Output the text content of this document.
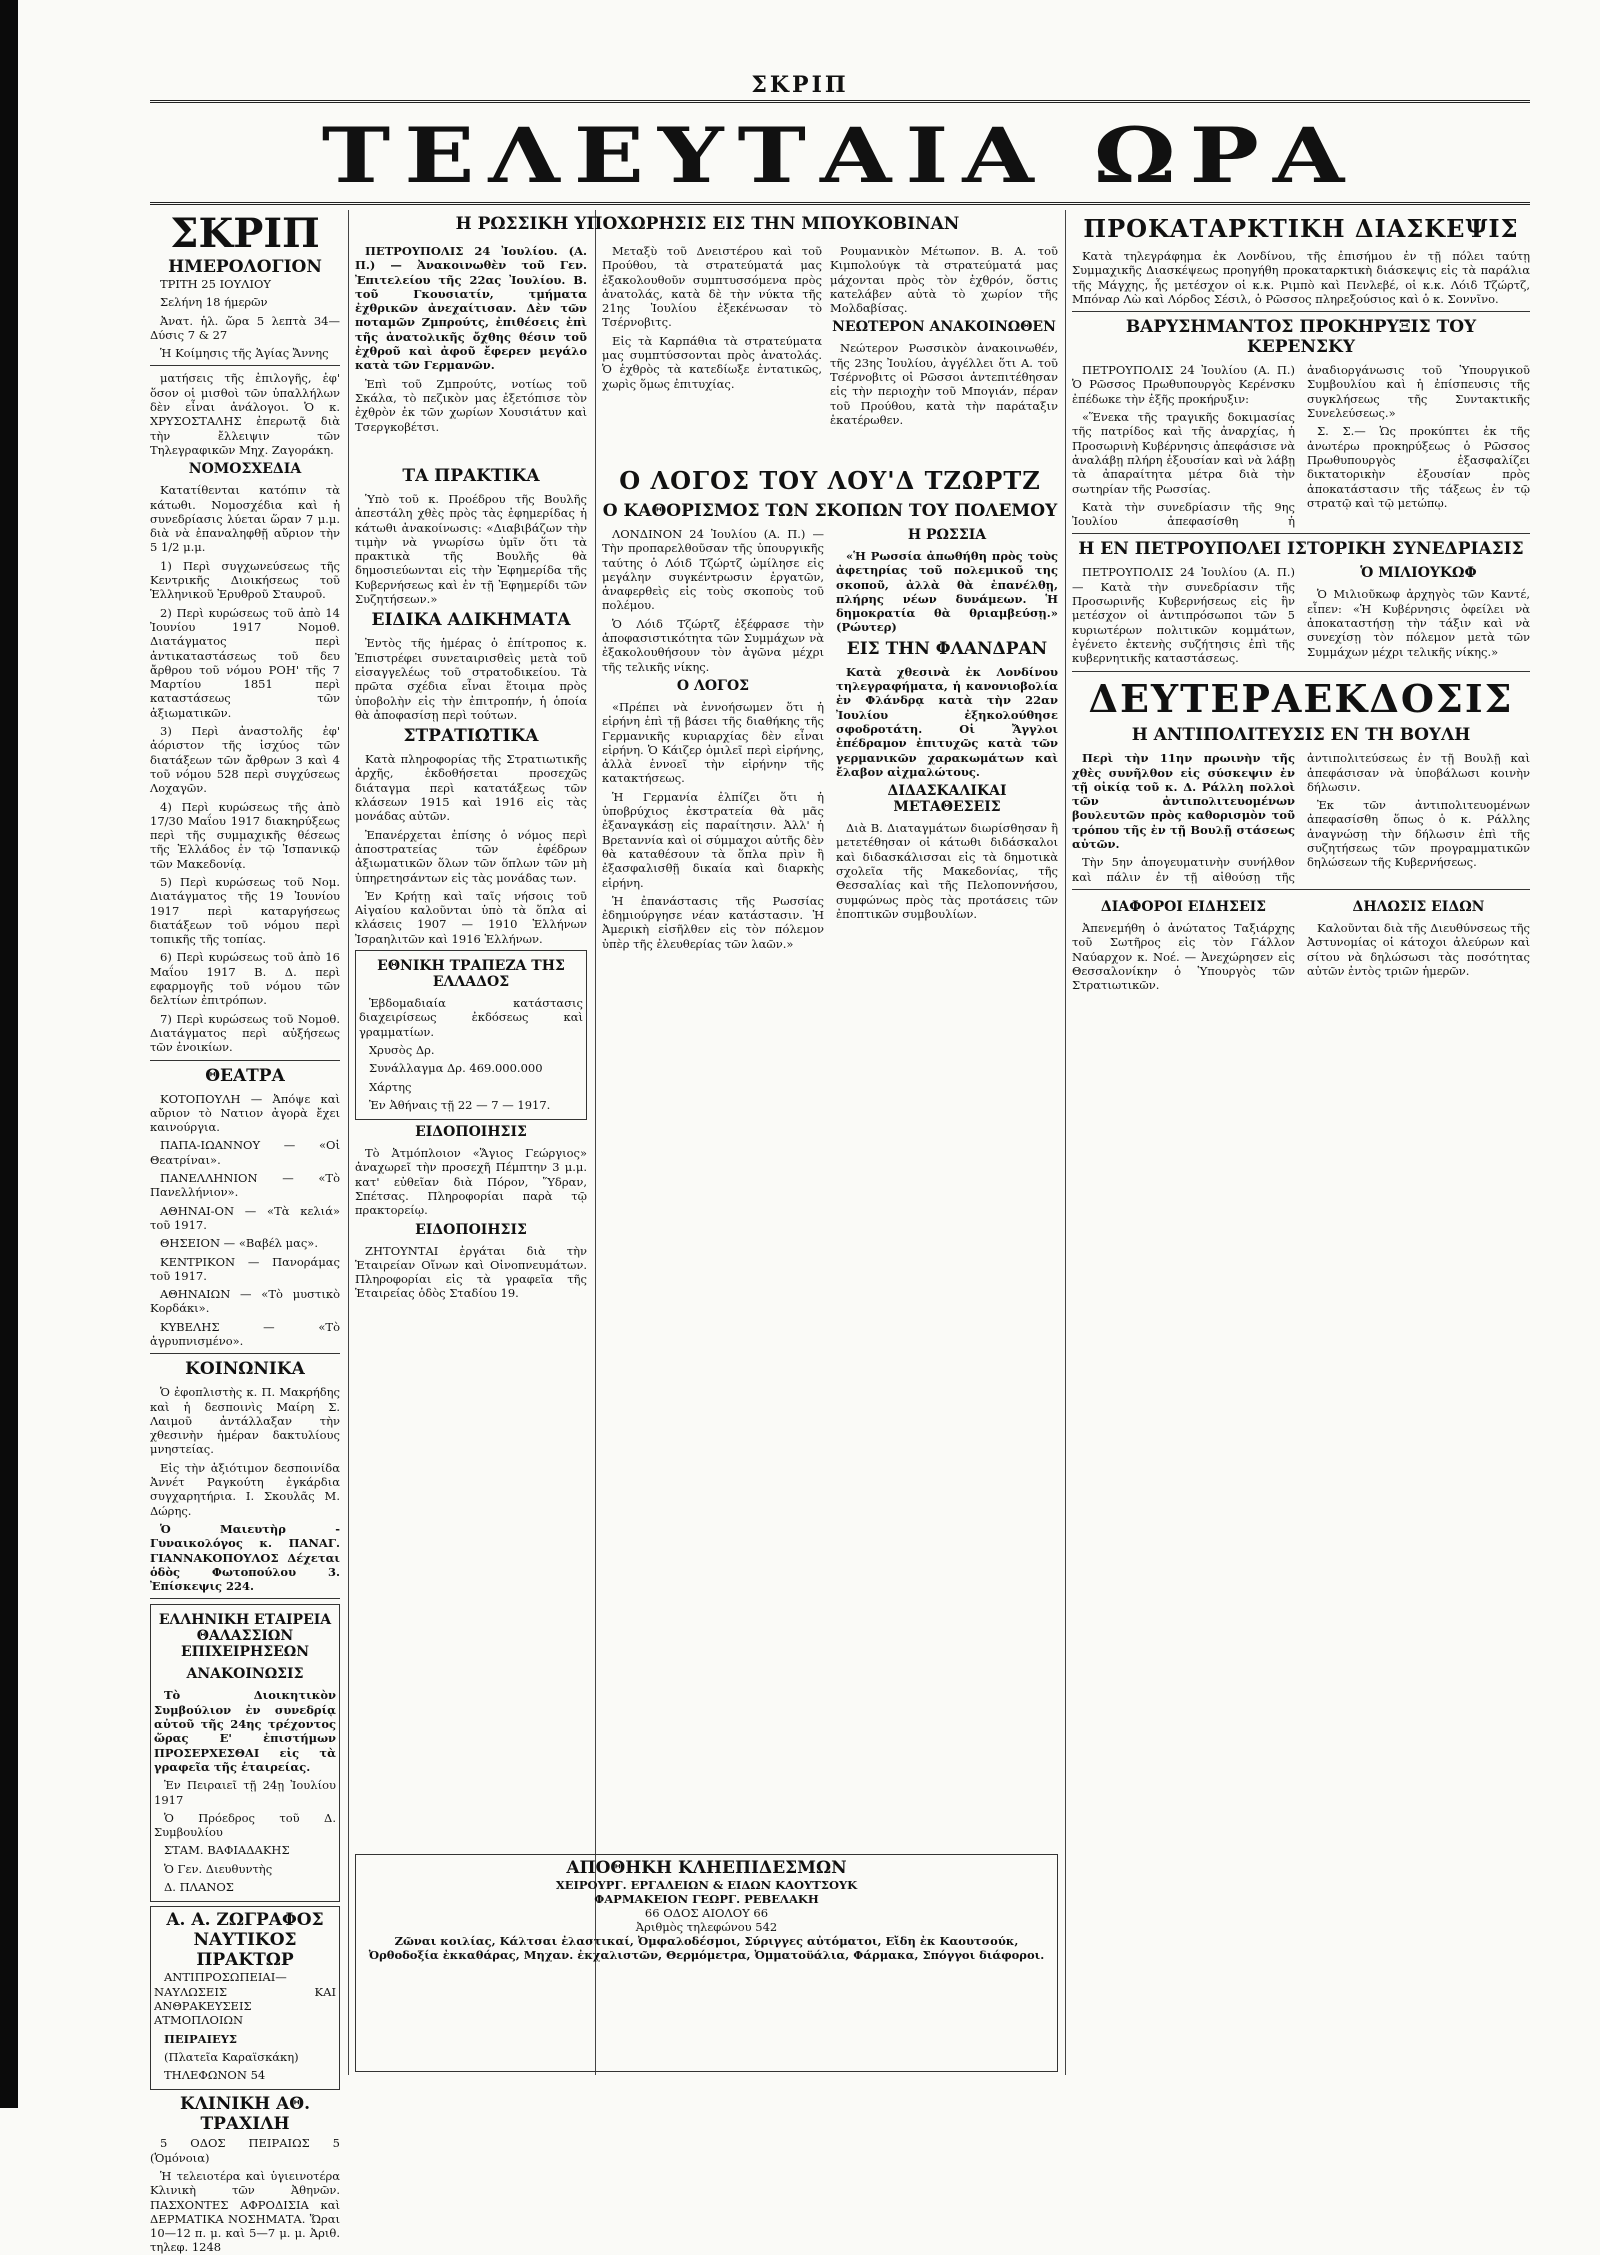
ΣΚΡΙΠ
ΤΕΛΕΥΤΑΙΑ ΩΡΑ
ΣΚΡΙΠ
ΗΜΕΡΟΛΟΓΙΟΝ

ΤΡΙΤΗ 25 ΙΟΥΛΙΟΥ

Σελήνη 18 ήμερῶν

Ἀνατ. ἡλ. ὥρα 5 λεπτὰ 34—Δύσις 7 & 27

Ἡ Κοίμησις τῆς Ἁγίας Ἄννης

ματήσεις τῆς ἐπιλογῆς, ἐφ' ὅσον οἱ μισθοὶ τῶν ὑπαλλήλων δὲν εἶναι ἀνάλογοι. Ὁ κ. ΧΡΥΣΟΣΤΑΛΗΣ ἐπερωτᾷ διὰ τὴν ἔλλειψιν τῶν Τηλεγραφικῶν Μηχ. Ζαγοράκη.

ΝΟΜΟΣΧΕΔΙΑ

Κατατίθενται κατόπιν τὰ κάτωθι. Νομοσχέδια καὶ ἡ συνεδρίασις λύεται ὥραν 7 μ.μ. διὰ νὰ ἐπαναληφθῇ αὔριον τὴν 5 1/2 μ.μ.

1) Περὶ συγχωνεύσεως τῆς Κεντρικῆς Διοικήσεως τοῦ Ἑλληνικοῦ Ἐρυθροῦ Σταυροῦ.

2) Περὶ κυρώσεως τοῦ ἀπὸ 14 Ἰουνίου 1917 Νομοθ. Διατάγματος περὶ ἀντικαταστάσεως τοῦ δευ ἄρθρου τοῦ νόμου ΡΟΗ' τῆς 7 Μαρτίου 1851 περὶ καταστάσεως τῶν ἀξιωματικῶν.

3) Περὶ ἀναστολῆς ἐφ' ἀόριστον τῆς ἰσχύος τῶν διατάξεων τῶν ἄρθρων 3 καὶ 4 τοῦ νόμου 528 περὶ συγχύσεως Λοχαγῶν.

4) Περὶ κυρώσεως τῆς ἀπὸ 17/30 Μαΐου 1917 διακηρύξεως περὶ τῆς συμμαχικῆς θέσεως τῆς Ἑλλάδος ἐν τῷ Ἰσπανικῷ τῶν Μακεδονίᾳ.

5) Περὶ κυρώσεως τοῦ Νομ. Διατάγματος τῆς 19 Ἰουνίου 1917 περὶ καταργήσεως διατάξεων τοῦ νόμου περὶ τοπικῆς τῆς τοπίας.

6) Περὶ κυρώσεως τοῦ ἀπὸ 16 Μαΐου 1917 Β. Δ. περὶ εφαρμογῆς τοῦ νόμου τῶν δελτίων ἐπιτρόπων.

7) Περὶ κυρώσεως τοῦ Νομοθ. Διατάγματος περὶ αὐξήσεως τῶν ἐνοικίων.

ΘΕΑΤΡΑ

ΚΟΤΟΠΟΥΛΗ — Ἀπόψε καὶ αὔριον τὸ Νατιον ἀγορὰ ἔχει καινούργια.

ΠΑΠΑ-ΙΩΑΝΝΟΥ — «Οἱ Θεατρίναι».

ΠΑΝΕΛΛΗΝΙΟΝ — «Τὸ Πανελλήνιον».

ΑΘΗΝΑΙ-ΟΝ — «Τὰ κελιά» τοῦ 1917.

ΘΗΣΕΙΟΝ — «Βαβέλ μας».

ΚΕΝΤΡΙΚΟΝ — Πανοράμας τοῦ 1917.

ΑΘΗΝΑΙΩΝ — «Τὸ μυστικὸ Κορδάκι».

ΚΥΒΕΛΗΣ — «Τὸ ἀγρυπνισμένο».

ΚΟΙΝΩΝΙΚΑ

Ὁ ἐφοπλιστὴς κ. Π. Μακρήδης καὶ ἡ δεσποινὶς Μαίρη Σ. Λαιμοῦ ἀντάλλαξαν τὴν χθεσινὴν ἡμέραν δακτυλίους μνηστείας.

Εἰς τὴν ἀξιότιμον δεσποινίδα Ἀννέτ Ραγκούτη ἐγκάρδια συγχαρητήρια. Ι. Σκουλᾶς Μ. Δώρης.

Ὁ Μαιευτὴρ - Γυναικολόγος κ. ΠΑΝΑΓ. ΓΙΑΝΝΑΚΟΠΟΥΛΟΣ Δέχεται ὁδὸς Φωτοπούλου 3. Ἐπίσκεψις 224.

ΕΛΛΗΝΙΚΗ ΕΤΑΙΡΕΙΑ ΘΑΛΑΣΣΙΩΝ ΕΠΙΧΕΙΡΗΣΕΩΝ
ΑΝΑΚΟΙΝΩΣΙΣ

Τὸ Διοικητικὸν Συμβούλιον ἐν συνεδρίᾳ αὐτοῦ τῆς 24ης τρέχοντος ὥρας Ε' ἐπιστήμων ΠΡΟΣΕΡΧΕΣΘΑΙ εἰς τὰ γραφεῖα τῆς ἑταιρείας.

Ἐν Πειραιεῖ τῇ 24ῃ Ἰουλίου 1917

Ὁ Πρόεδρος τοῦ Δ. Συμβουλίου

ΣΤΑΜ. ΒΑΦΙΑΔΑΚΗΣ

Ὁ Γεν. Διευθυντὴς

Δ. ΠΛΑΝΟΣ

Α. Α. ΖΩΓΡΑΦΟΣ
ΝΑΥΤΙΚΟΣ ΠΡΑΚΤΩΡ

ΑΝΤΙΠΡΟΣΩΠΕΙΑΙ—ΝΑΥΛΩΣΕΙΣ ΚΑΙ ΑΝΘΡΑΚΕΥΣΕΙΣ ΑΤΜΟΠΛΟΙΩΝ

ΠΕΙΡΑΙΕΥΣ

(Πλατεῖα Καραϊσκάκη)

ΤΗΛΕΦΩΝΟΝ 54

ΚΛΙΝΙΚΗ ΑΘ. ΤΡΑΧΙΛΗ

5 ΟΔΟΣ ΠΕΙΡΑΙΩΣ 5 (Ὁμόνοια)

Ἡ τελειοτέρα καὶ ὑγιεινοτέρα Κλινικὴ τῶν Ἀθηνῶν. ΠΑΣΧΟΝΤΕΣ ΑΦΡΟΔΙΣΙΑ καὶ ΔΕΡΜΑΤΙΚΑ ΝΟΣΗΜΑΤΑ. Ὥραι 10—12 π. μ. καὶ 5—7 μ. μ. Ἀριθ. τηλεφ. 1248

Η ΡΩΣΣΙΚΗ ΥΠΟΧΩΡΗΣΙΣ ΕΙΣ ΤΗΝ ΜΠΟΥΚΟΒΙΝΑΝ

ΠΕΤΡΟΥΠΟΛΙΣ 24 Ἰουλίου. (Α. Π.) — Ἀνακοινωθὲν τοῦ Γεν. Ἐπιτελείου τῆς 22ας Ἰουλίου. Β. τοῦ Γκουσιατίν, τμήματα ἐχθρικῶν ἀνεχαίτισαν. Δὲν τῶν ποταμῶν Ζμπρούτς, ἐπιθέσεις ἐπὶ τῆς ἀνατολικῆς ὄχθης θέσιν τοῦ ἐχθροῦ καὶ ἀφοῦ ἔφερεν μεγάλο κατὰ τῶν Γερμανῶν.

Ἐπὶ τοῦ Ζμπρούτς, νοτίως τοῦ Σκάλα, τὸ πεζικὸν μας ἐξετόπισε τὸν ἐχθρὸν ἐκ τῶν χωρίων Χουσιάτυν καὶ Τσεργκοβέτσι.

Μεταξὺ τοῦ Δνειστέρου καὶ τοῦ Προύθου, τὰ στρατεύματά μας ἐξακολουθοῦν συμπτυσσόμενα πρὸς ἀνατολάς, κατὰ δὲ τὴν νύκτα τῆς 21ης Ἰουλίου ἐξεκένωσαν τὸ Τσέρνοβιτς.

Εἰς τὰ Καρπάθια τὰ στρατεύματα μας συμπτύσσονται πρὸς ἀνατολάς. Ὁ ἐχθρὸς τὰ κατεδίωξε ἐντατικῶς, χωρὶς ὅμως ἐπιτυχίας.

Ρουμανικὸν Μέτωπον. Β. Α. τοῦ Κιμπολούγκ τὰ στρατεύματά μας μάχονται πρὸς τὸν ἐχθρόν, ὅστις κατελάβεν αὐτὰ τὸ χωρίον τῆς Μολδαβίσας.

ΝΕΩΤΕΡΟΝ ΑΝΑΚΟΙΝΩΘΕΝ

Νεώτερον Ρωσσικὸν ἀνακοινωθέν, τῆς 23ης Ἰουλίου, ἀγγέλλει ὅτι Α. τοῦ Τσέρνοβιτς οἱ Ρῶσσοι ἀντεπιτέθησαν εἰς τὴν περιοχὴν τοῦ Μπογιάν, πέραν τοῦ Προύθου, κατὰ τὴν παράταξιν ἑκατέρωθεν.

ΤΑ ΠΡΑΚΤΙΚΑ

Ὑπὸ τοῦ κ. Προέδρου τῆς Βουλῆς ἀπεστάλη χθὲς πρὸς τὰς ἐφημερίδας ἡ κάτωθι ἀνακοίνωσις: «Διαβιβάζων τὴν τιμὴν νὰ γνωρίσω ὑμῖν ὅτι τὰ πρακτικὰ τῆς Βουλῆς θὰ δημοσιεύωνται εἰς τὴν Ἐφημερίδα τῆς Κυβερνήσεως καὶ ἐν τῇ Ἐφημερίδι τῶν Συζητήσεων.»

ΕΙΔΙΚΑ ΑΔΙΚΗΜΑΤΑ

Ἐντὸς τῆς ἡμέρας ὁ ἐπίτροπος κ. Ἐπιστρέφει συνεταιρισθεὶς μετὰ τοῦ εἰσαγγελέως τοῦ στρατοδικείου. Τὰ πρῶτα σχέδια εἶναι ἕτοιμα πρὸς ὑποβολὴν εἰς τὴν ἐπιτροπήν, ἡ ὁποία θὰ ἀποφασίσῃ περὶ τούτων.

ΣΤΡΑΤΙΩΤΙΚΑ

Κατὰ πληροφορίας τῆς Στρατιωτικῆς ἀρχῆς, ἐκδοθήσεται προσεχῶς διάταγμα περὶ κατατάξεως τῶν κλάσεων 1915 καὶ 1916 εἰς τὰς μονάδας αὐτῶν.

Ἐπανέρχεται ἐπίσης ὁ νόμος περὶ ἀποστρατείας τῶν ἐφέδρων ἀξιωματικῶν ὅλων τῶν ὅπλων τῶν μὴ ὑπηρετησάντων εἰς τὰς μονάδας των.

Ἐν Κρήτῃ καὶ ταῖς νήσοις τοῦ Αἰγαίου καλοῦνται ὑπὸ τὰ ὅπλα αἱ κλάσεις 1907 — 1910 Ἑλλήνων Ἰσραηλιτῶν καὶ 1916 Ἑλλήνων.

ΕΘΝΙΚΗ ΤΡΑΠΕΖΑ ΤΗΣ ΕΛΛΑΔΟΣ

Ἑβδομαδιαία κατάστασις διαχειρίσεως ἐκδόσεως καὶ γραμματίων.

Χρυσὸς Δρ.

Συνάλλαγμα Δρ. 469.000.000

Χάρτης

Ἐν Ἀθήναις τῇ 22 — 7 — 1917.

ΕΙΔΟΠΟΙΗΣΙΣ

Τὸ Ἀτμόπλοιον «Ἅγιος Γεώργιος» ἀναχωρεῖ τὴν προσεχῆ Πέμπτην 3 μ.μ. κατ' εὐθεῖαν διὰ Πόρον, Ὕδραν, Σπέτσας. Πληροφορίαι παρὰ τῷ πρακτορείῳ.

ΕΙΔΟΠΟΙΗΣΙΣ

ΖΗΤΟΥΝΤΑΙ ἐργάται διὰ τὴν Ἑταιρείαν Οἴνων καὶ Οἰνοπνευμάτων. Πληροφορίαι εἰς τὰ γραφεῖα τῆς Ἑταιρείας ὁδὸς Σταδίου 19.

Ο ΛΟΓΟΣ ΤΟΥ ΛΟΥ'Δ ΤΖΩΡΤΖ
Ο ΚΑΘΟΡΙΣΜΟΣ ΤΩΝ ΣΚΟΠΩΝ ΤΟΥ ΠΟΛΕΜΟΥ

ΛΟΝΔΙΝΟΝ 24 Ἰουλίου (Α. Π.) — Τὴν προπαρελθοῦσαν τῆς ὑπουργικῆς ταύτης ὁ Λόιδ Τζώρτζ ὡμίλησε εἰς μεγάλην συγκέντρωσιν ἐργατῶν, ἀναφερθεὶς εἰς τοὺς σκοποὺς τοῦ πολέμου.

Ὁ Λόιδ Τζώρτζ ἐξέφρασε τὴν ἀποφασιστικότητα τῶν Συμμάχων νὰ ἐξακολουθήσουν τὸν ἀγῶνα μέχρι τῆς τελικῆς νίκης.

Ο ΛΟΓΟΣ

«Πρέπει νὰ ἐννοήσωμεν ὅτι ἡ εἰρήνη ἐπὶ τῇ βάσει τῆς διαθήκης τῆς Γερμανικῆς κυριαρχίας δὲν εἶναι εἰρήνη. Ὁ Κάιζερ ὁμιλεῖ περὶ εἰρήνης, ἀλλὰ ἐννοεῖ τὴν εἰρήνην τῆς κατακτήσεως.

Ἡ Γερμανία ἐλπίζει ὅτι ἡ ὑποβρύχιος ἐκστρατεία θὰ μᾶς ἐξαναγκάσῃ εἰς παραίτησιν. Ἀλλ' ἡ Βρεταννία καὶ οἱ σύμμαχοι αὐτῆς δὲν θὰ καταθέσουν τὰ ὅπλα πρὶν ἢ ἐξασφαλισθῇ δικαία καὶ διαρκὴς εἰρήνη.

Ἡ ἐπανάστασις τῆς Ρωσσίας ἐδημιούργησε νέαν κατάστασιν. Ἡ Ἀμερικὴ εἰσῆλθεν εἰς τὸν πόλεμον ὑπὲρ τῆς ἐλευθερίας τῶν λαῶν.»

Η ΡΩΣΣΙΑ

«Ἡ Ρωσσία ἀπωθήθη πρὸς τοὺς ἀφετηρίας τοῦ πολεμικοῦ της σκοποῦ, ἀλλὰ θὰ ἐπανέλθῃ, πλήρης νέων δυνάμεων. Ἡ δημοκρατία θὰ θριαμβεύσῃ.» (Ρώυτερ)

ΕΙΣ ΤΗΝ ΦΛΑΝΔΡΑΝ

Κατὰ χθεσινὰ ἐκ Λονδίνου τηλεγραφήματα, ἡ κανονιοβολία ἐν Φλάνδρᾳ κατὰ τὴν 22αν Ἰουλίου ἐξηκολούθησε σφοδροτάτη. Οἱ Ἄγγλοι ἐπέδραμον ἐπιτυχῶς κατὰ τῶν γερμανικῶν χαρακωμάτων καὶ ἔλαβον αἰχμαλώτους.

ΔΙΔΑΣΚΑΛΙΚΑΙ ΜΕΤΑΘΕΣΕΙΣ

Διὰ Β. Διαταγμάτων διωρίσθησαν ἢ μετετέθησαν οἱ κάτωθι διδάσκαλοι καὶ διδασκάλισσαι εἰς τὰ δημοτικὰ σχολεῖα τῆς Μακεδονίας, τῆς Θεσσαλίας καὶ τῆς Πελοποννήσου, συμφώνως πρὸς τὰς προτάσεις τῶν ἐποπτικῶν συμβουλίων.

ΑΠΟΘΗΚΗ ΚΛΗΕΠΙΔΕΣΜΩΝ

ΧΕΙΡΟΥΡΓ. ΕΡΓΑΛΕΙΩΝ & ΕΙΔΩΝ ΚΑΟΥΤΣΟΥΚ

ΦΑΡΜΑΚΕΙΟΝ ΓΕΩΡΓ. ΡΕΒΕΛΑΚΗ

66 ΟΔΟΣ ΑΙΟΛΟΥ 66

Ἀριθμὸς τηλεφώνου 542

Ζῶναι κοιλίας, Κάλτσαι ἐλαστικαί, Ὀμφαλοδέσμοι, Σύριγγες αὐτόματοι, Εἴδη ἐκ Καουτσούκ, Ὀρθοδοξία ἐκκαθάρας, Μηχαν. ἐκχαλιστῶν, Θερμόμετρα, Ὀμματοϋάλια, Φάρμακα, Σπόγγοι διάφοροι.

ΠΡΟΚΑΤΑΡΚΤΙΚΗ ΔΙΑΣΚΕΨΙΣ

Κατὰ τηλεγράφημα ἐκ Λονδίνου, τῆς ἐπισήμου ἐν τῇ πόλει ταύτῃ Συμμαχικῆς Διασκέψεως προηγήθη προκαταρκτικὴ διάσκεψις εἰς τὰ παράλια τῆς Μάγχης, ἧς μετέσχον οἱ κ.κ. Ριμπὸ καὶ Πενλεβέ, οἱ κ.κ. Λόιδ Τζώρτζ, Μπόναρ Λὼ καὶ Λόρδος Σέσιλ, ὁ Ρῶσσος πληρεξούσιος καὶ ὁ κ. Σοννῖνο.

ΒΑΡΥΣΗΜΑΝΤΟΣ ΠΡΟΚΗΡΥΞΙΣ ΤΟΥ ΚΕΡΕΝΣΚΥ

ΠΕΤΡΟΥΠΟΛΙΣ 24 Ἰουλίου (Α. Π.) Ὁ Ρῶσσος Πρωθυπουργὸς Κερένσκυ ἐπέδωκε τὴν ἑξῆς προκήρυξιν:

«Ἕνεκα τῆς τραγικῆς δοκιμασίας τῆς πατρίδος καὶ τῆς ἀναρχίας, ἡ Προσωρινὴ Κυβέρνησις ἀπεφάσισε νὰ ἀναλάβῃ πλήρη ἐξουσίαν καὶ νὰ λάβῃ τὰ ἀπαραίτητα μέτρα διὰ τὴν σωτηρίαν τῆς Ρωσσίας.

Κατὰ τὴν συνεδρίασιν τῆς 9ης Ἰουλίου ἀπεφασίσθη ἡ ἀναδιοργάνωσις τοῦ Ὑπουργικοῦ Συμβουλίου καὶ ἡ ἐπίσπευσις τῆς συγκλήσεως τῆς Συντακτικῆς Συνελεύσεως.»

Σ. Σ.— Ὡς προκύπτει ἐκ τῆς ἀνωτέρω προκηρύξεως ὁ Ρῶσσος Πρωθυπουργὸς ἐξασφαλίζει δικτατορικὴν ἐξουσίαν πρὸς ἀποκατάστασιν τῆς τάξεως ἐν τῷ στρατῷ καὶ τῷ μετώπῳ.

Η ΕΝ ΠΕΤΡΟΥΠΟΛΕΙ ΙΣΤΟΡΙΚΗ ΣΥΝΕΔΡΙΑΣΙΣ

ΠΕΤΡΟΥΠΟΛΙΣ 24 Ἰουλίου (Α. Π.) — Κατὰ τὴν συνεδρίασιν τῆς Προσωρινῆς Κυβερνήσεως εἰς ἣν μετέσχον οἱ ἀντιπρόσωποι τῶν 5 κυριωτέρων πολιτικῶν κομμάτων, ἐγένετο ἐκτενὴς συζήτησις ἐπὶ τῆς κυβερνητικῆς καταστάσεως.

Ὁ ΜΙΛΙΟΥΚΩΦ

Ὁ Μιλιοῦκωφ ἀρχηγὸς τῶν Καντέ, εἶπεν: «Ἡ Κυβέρνησις ὀφείλει νὰ ἀποκαταστήσῃ τὴν τάξιν καὶ νὰ συνεχίσῃ τὸν πόλεμον μετὰ τῶν Συμμάχων μέχρι τελικῆς νίκης.»

ΔΕΥΤΕΡΑΕΚΔΟΣΙΣ
Η ΑΝΤΙΠΟΛΙΤΕΥΣΙΣ ΕΝ ΤΗ ΒΟΥΛΗ

Περὶ τὴν 11ην πρωινὴν τῆς χθὲς συνῆλθον εἰς σύσκεψιν ἐν τῇ οἰκίᾳ τοῦ κ. Δ. Ράλλη πολλοὶ τῶν ἀντιπολιτευομένων βουλευτῶν πρὸς καθορισμὸν τοῦ τρόπου τῆς ἐν τῇ Βουλῇ στάσεως αὐτῶν.

Τὴν 5ην ἀπογευματινὴν συνήλθον καὶ πάλιν ἐν τῇ αἰθούσῃ τῆς ἀντιπολιτεύσεως ἐν τῇ Βουλῇ καὶ ἀπεφάσισαν νὰ ὑποβάλωσι κοινὴν δήλωσιν.

Ἐκ τῶν ἀντιπολιτευομένων ἀπεφασίσθη ὅπως ὁ κ. Ράλλης ἀναγνώσῃ τὴν δήλωσιν ἐπὶ τῆς συζητήσεως τῶν προγραμματικῶν δηλώσεων τῆς Κυβερνήσεως.

ΔΙΑΦΟΡΟΙ ΕΙΔΗΣΕΙΣ

Ἀπενεμήθη ὁ ἀνώτατος Ταξιάρχης τοῦ Σωτῆρος εἰς τὸν Γάλλον Ναύαρχον κ. Νοέ. — Ἀνεχώρησεν εἰς Θεσσαλονίκην ὁ Ὑπουργὸς τῶν Στρατιωτικῶν.

ΔΗΛΩΣΙΣ ΕΙΔΩΝ

Καλοῦνται διὰ τῆς Διευθύνσεως τῆς Ἀστυνομίας οἱ κάτοχοι ἀλεύρων καὶ σίτου νὰ δηλώσωσι τὰς ποσότητας αὐτῶν ἐντὸς τριῶν ἡμερῶν.
